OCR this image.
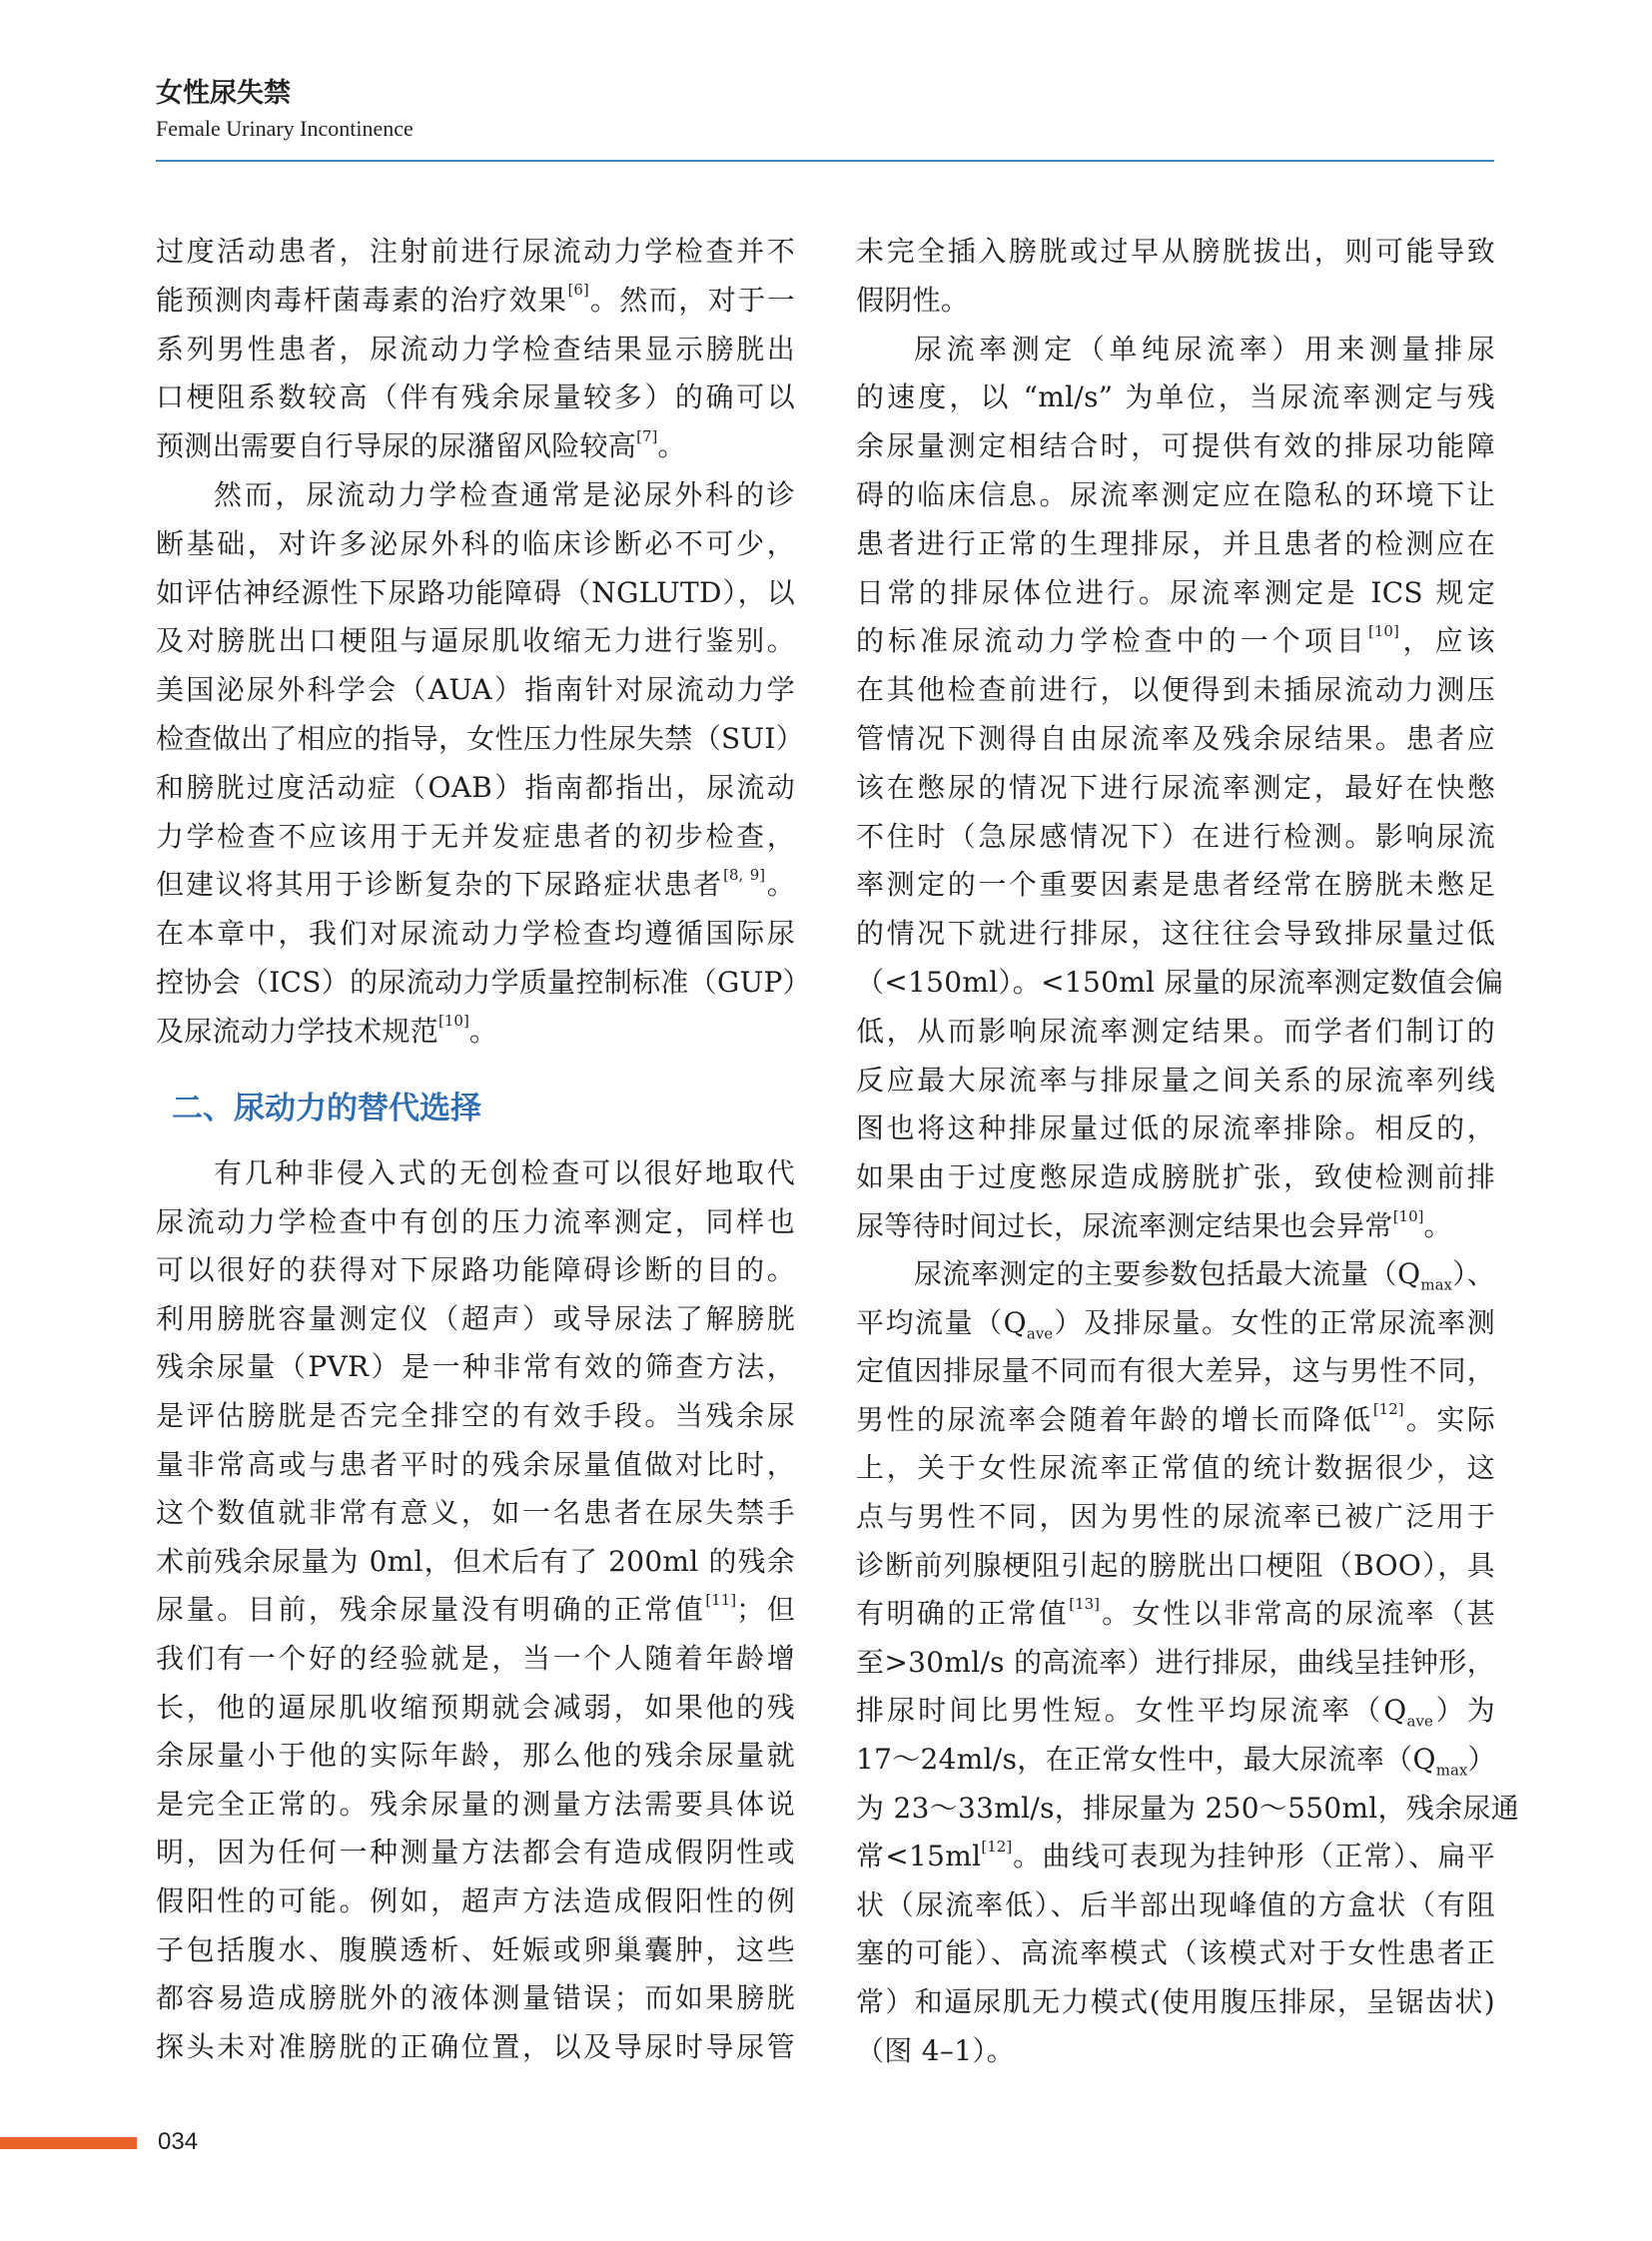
女性尿失禁
Female Urinary Incontinence
过度活动患者，注射前进行尿流动力学检查并不
能预测肉毒杆菌毒素的治疗效果[6]。然而，对于一
系列男性患者，尿流动力学检查结果显示膀胱出
口梗阻系数较高（伴有残余尿量较多）的确可以
预测出需要自行导尿的尿潴留风险较高[7]。
然而，尿流动力学检查通常是泌尿外科的诊
断基础，对许多泌尿外科的临床诊断必不可少，
如评估神经源性下尿路功能障碍（NGLUTD），以
及对膀胱出口梗阻与逼尿肌收缩无力进行鉴别。
美国泌尿外科学会（AUA）指南针对尿流动力学
检查做出了相应的指导，女性压力性尿失禁（SUI）
和膀胱过度活动症（OAB）指南都指出，尿流动
力学检查不应该用于无并发症患者的初步检查，
但建议将其用于诊断复杂的下尿路症状患者[8, 9]。
在本章中，我们对尿流动力学检查均遵循国际尿
控协会（ICS）的尿流动力学质量控制标准（GUP）
及尿流动力学技术规范[10]。
二、尿动力的替代选择
有几种非侵入式的无创检查可以很好地取代
尿流动力学检查中有创的压力流率测定，同样也
可以很好的获得对下尿路功能障碍诊断的目的。
利用膀胱容量测定仪（超声）或导尿法了解膀胱
残余尿量（PVR）是一种非常有效的筛查方法，
是评估膀胱是否完全排空的有效手段。当残余尿
量非常高或与患者平时的残余尿量值做对比时，
这个数值就非常有意义，如一名患者在尿失禁手
术前残余尿量为 0ml，但术后有了 200ml 的残余
尿量。目前，残余尿量没有明确的正常值[11]；但
我们有一个好的经验就是，当一个人随着年龄增
长，他的逼尿肌收缩预期就会减弱，如果他的残
余尿量小于他的实际年龄，那么他的残余尿量就
是完全正常的。残余尿量的测量方法需要具体说
明，因为任何一种测量方法都会有造成假阴性或
假阳性的可能。例如，超声方法造成假阳性的例
子包括腹水、腹膜透析、妊娠或卵巢囊肿，这些
都容易造成膀胱外的液体测量错误；而如果膀胱
探头未对准膀胱的正确位置，以及导尿时导尿管
未完全插入膀胱或过早从膀胱拔出，则可能导致
假阴性。
尿流率测定（单纯尿流率）用来测量排尿
的速度，以 “ml/s” 为单位，当尿流率测定与残
余尿量测定相结合时，可提供有效的排尿功能障
碍的临床信息。尿流率测定应在隐私的环境下让
患者进行正常的生理排尿，并且患者的检测应在
日常的排尿体位进行。尿流率测定是 ICS 规定
的标准尿流动力学检查中的一个项目[10]，应该
在其他检查前进行，以便得到未插尿流动力测压
管情况下测得自由尿流率及残余尿结果。患者应
该在憋尿的情况下进行尿流率测定，最好在快憋
不住时（急尿感情况下）在进行检测。影响尿流
率测定的一个重要因素是患者经常在膀胱未憋足
的情况下就进行排尿，这往往会导致排尿量过低
（<150ml）。<150ml 尿量的尿流率测定数值会偏
低，从而影响尿流率测定结果。而学者们制订的
反应最大尿流率与排尿量之间关系的尿流率列线
图也将这种排尿量过低的尿流率排除。相反的，
如果由于过度憋尿造成膀胱扩张，致使检测前排
尿等待时间过长，尿流率测定结果也会异常[10]。
尿流率测定的主要参数包括最大流量$(Q_{max})$、
平均流量$(Q_{ave})$及排尿量。女性的正常尿流率测
定值因排尿量不同而有很大差异，这与男性不同，
男性的尿流率会随着年龄的增长而降低[12]。实际
上，关于女性尿流率正常值的统计数据很少，这
点与男性不同，因为男性的尿流率已被广泛用于
诊断前列腺梗阻引起的膀胱出口梗阻（BOO），具
有明确的正常值[13]。女性以非常高的尿流率（甚
至>30ml/s 的高流率）进行排尿，曲线呈挂钟形，
排尿时间比男性短。女性平均尿流率$(Q_{ave})$为
17～24ml/s，在正常女性中，最大尿流率$(Q_{max})$
为 23～33ml/s，排尿量为 250～550ml，残余尿通
常<15ml[12]。曲线可表现为挂钟形（正常）、扁平
状（尿流率低）、后半部出现峰值的方盒状（有阻
塞的可能）、高流率模式（该模式对于女性患者正
常）和逼尿肌无力模式(使用腹压排尿，呈锯齿状)
（图 4–1）。
034
